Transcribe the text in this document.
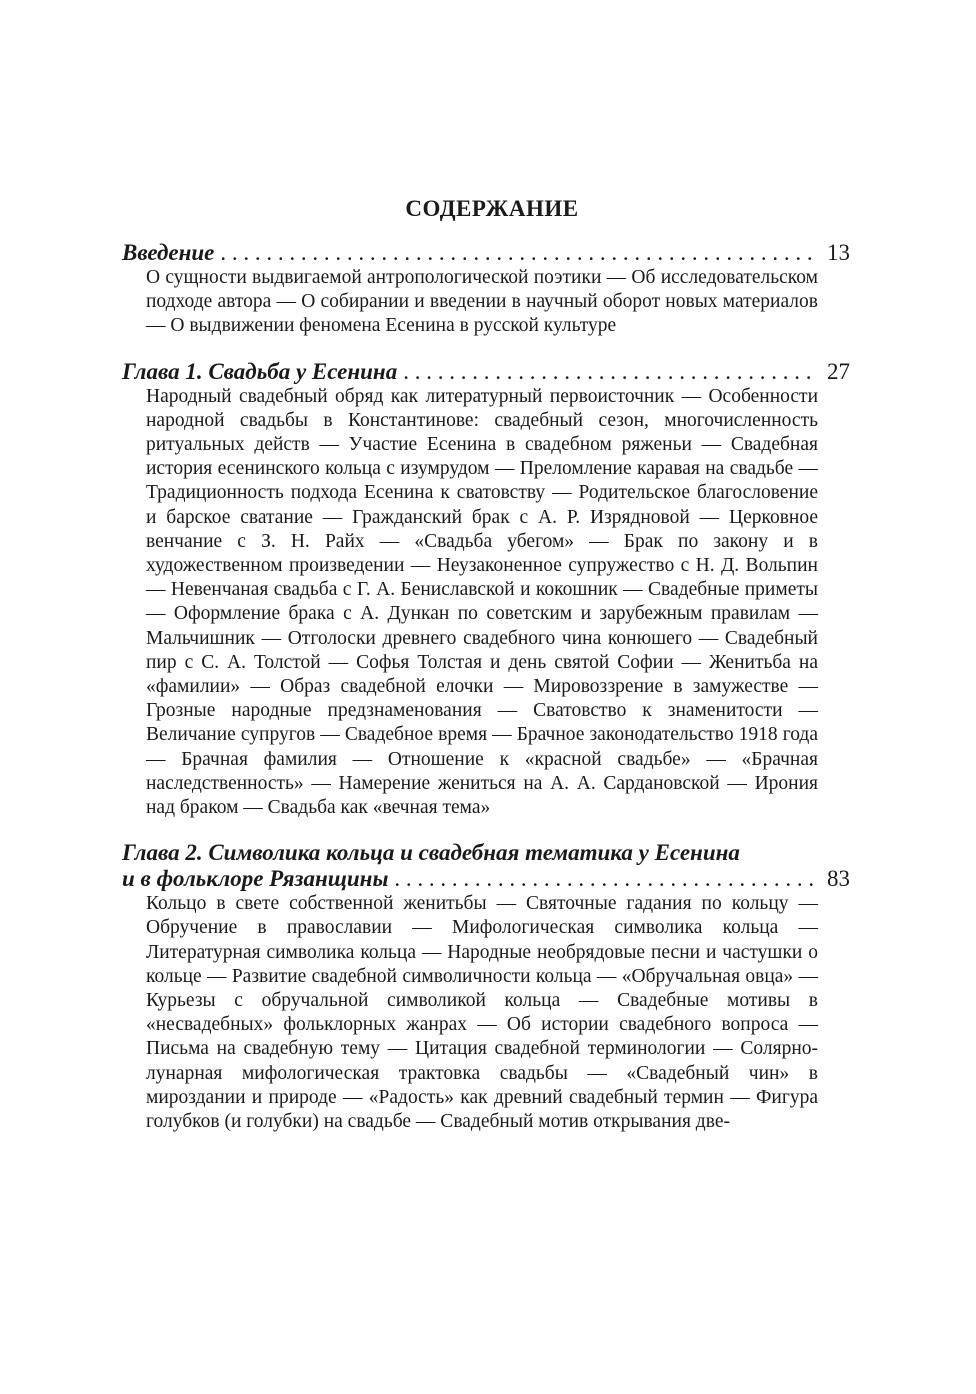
СОДЕРЖАНИЕ
Введение . . .	13
О сущности выдвигаемой антропологической поэтики — Об исследовательском подходе автора — О собирании и введении в научный оборот новых материалов — О выдвижении феномена Есенина в русской культуре
Глава 1. Свадьба у Есенина . . .	27
Народный свадебный обряд как литературный первоисточник — Особенности народной свадьбы в Константинове: свадебный сезон, многочисленность ритуальных действ — Участие Есенина в свадебном ряженьи — Свадебная история есенинского кольца с изумрудом — Преломление каравая на свадьбе — Традиционность подхода Есенина к сватовству — Родительское благословение и барское сватание — Гражданский брак с А. Р. Изрядновой — Церковное венчание с З. Н. Райх — «Свадьба убегом» — Брак по закону и в художественном произведении — Неузаконенное супружество с Н. Д. Вольпин — Невенчаная свадьба с Г. А. Бениславской и кокошник — Свадебные приметы — Оформление брака с А. Дункан по советским и зарубежным правилам — Мальчишник — Отголоски древнего свадебного чина конюшего — Свадебный пир с С. А. Толстой — Софья Толстая и день святой Софии — Женитьба на «фамилии» — Образ свадебной елочки — Мировоззрение в замужестве — Грозные народные предзнаменования — Сватовство к знаменитости — Величание супругов — Свадебное время — Брачное законодательство 1918 года — Брачная фамилия — Отношение к «красной свадьбе» — «Брачная наследственность» — Намерение жениться на А. А. Сардановской — Ирония над браком — Свадьба как «вечная тема»
Глава 2. Символика кольца и свадебная тематика у Есенина
и в фольклоре Рязанщины . . .	83
Кольцо в свете собственной женитьбы — Святочные гадания по кольцу — Обручение в православии — Мифологическая символика кольца — Литературная символика кольца — Народные необрядовые песни и частушки о кольце — Развитие свадебной символичности кольца — «Обручальная овца» — Курьезы с обручальной символикой кольца — Свадебные мотивы в «несвадебных» фольклорных жанрах — Об истории свадебного вопроса — Письма на свадебную тему — Цитация свадебной терминологии — Солярно-лунарная мифологическая трактовка свадьбы — «Свадебный чин» в мироздании и природе — «Радость» как древний свадебный термин — Фигура голубков (и голубки) на свадьбе — Свадебный мотив открывания две-
